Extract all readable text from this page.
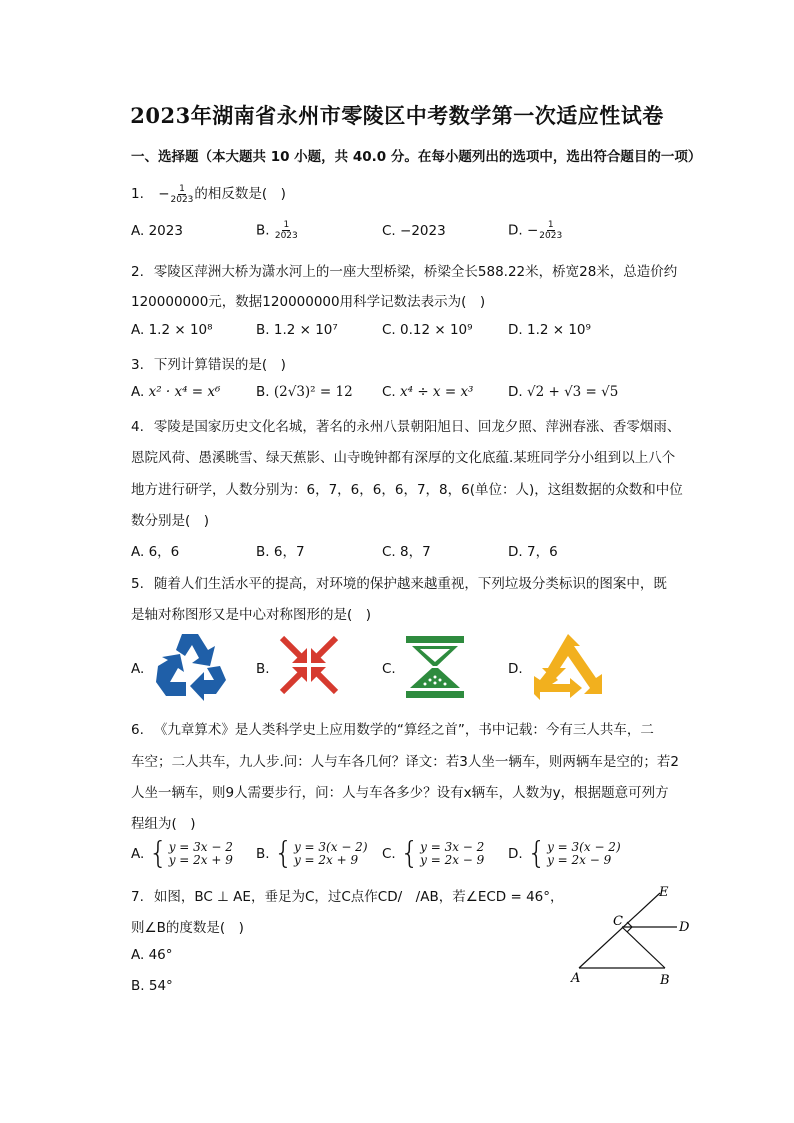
2023年湖南省永州市零陵区中考数学第一次适应性试卷
一、选择题（本大题共 10 小题，共 40.0 分。在每小题列出的选项中，选出符合题目的一项）
1. − $\frac{1}{2023}$ 的相反数是(　)
A. 2023	B. $\frac{1}{2023}$	C. −2023	D. − $\frac{1}{2023}$
2. 零陵区萍洲大桥为潇水河上的一座大型桥梁，桥梁全长588.22米，桥宽28米，总造价约
120000000元，数据120000000用科学记数法表示为(　)
A. 1.2 × 10⁸	B. 1.2 × 10⁷	C. 0.12 × 10⁹	D. 1.2 × 10⁹
3. 下列计算错误的是(　)
A. x² · x⁴ = x⁶	B. (2√3)² = 12 C. x⁴ ÷ x = x³	D. √2 + √3 = √5
4. 零陵是国家历史文化名城，著名的永州八景朝阳旭日、回龙夕照、萍洲春涨、香零烟雨、
恩院风荷、愚溪眺雪、绿天蕉影、山寺晚钟都有深厚的文化底蕴.某班同学分小组到以上八个
地方进行研学，人数分别为：6，7，6，6，6，7，8，6(单位：人)，这组数据的众数和中位
数分别是(　)
A. 6，6	B. 6，7	C. 8，7	D. 7，6
5. 随着人们生活水平的提高，对环境的保护越来越重视，下列垃圾分类标识的图案中，既
是轴对称图形又是中心对称图形的是(　)
A.	B.	C.	D.
6. 《九章算术》是人类科学史上应用数学的“算经之首”，书中记载：今有三人共车，二
车空；二人共车，九人步.问：人与车各几何？译文：若3人坐一辆车，则两辆车是空的；若2
人坐一辆车，则9人需要步行，问：人与车各多少？设有x辆车，人数为y，根据题意可列方
程组为(　)
A. { y = 3x − 2
y = 2x + 9 B. { y = 3(x − 2)
y = 2x + 9	C. { y = 3x − 2
y = 2x − 9 D. { y = 3(x − 2)
y = 2x − 9
7. 如图，BC ⊥ AE，垂足为C，过C点作CD/　/AB，若∠ECD = 46°，
则∠B的度数是(　)
A. 46°
B. 54°
E
C	D
A	B
